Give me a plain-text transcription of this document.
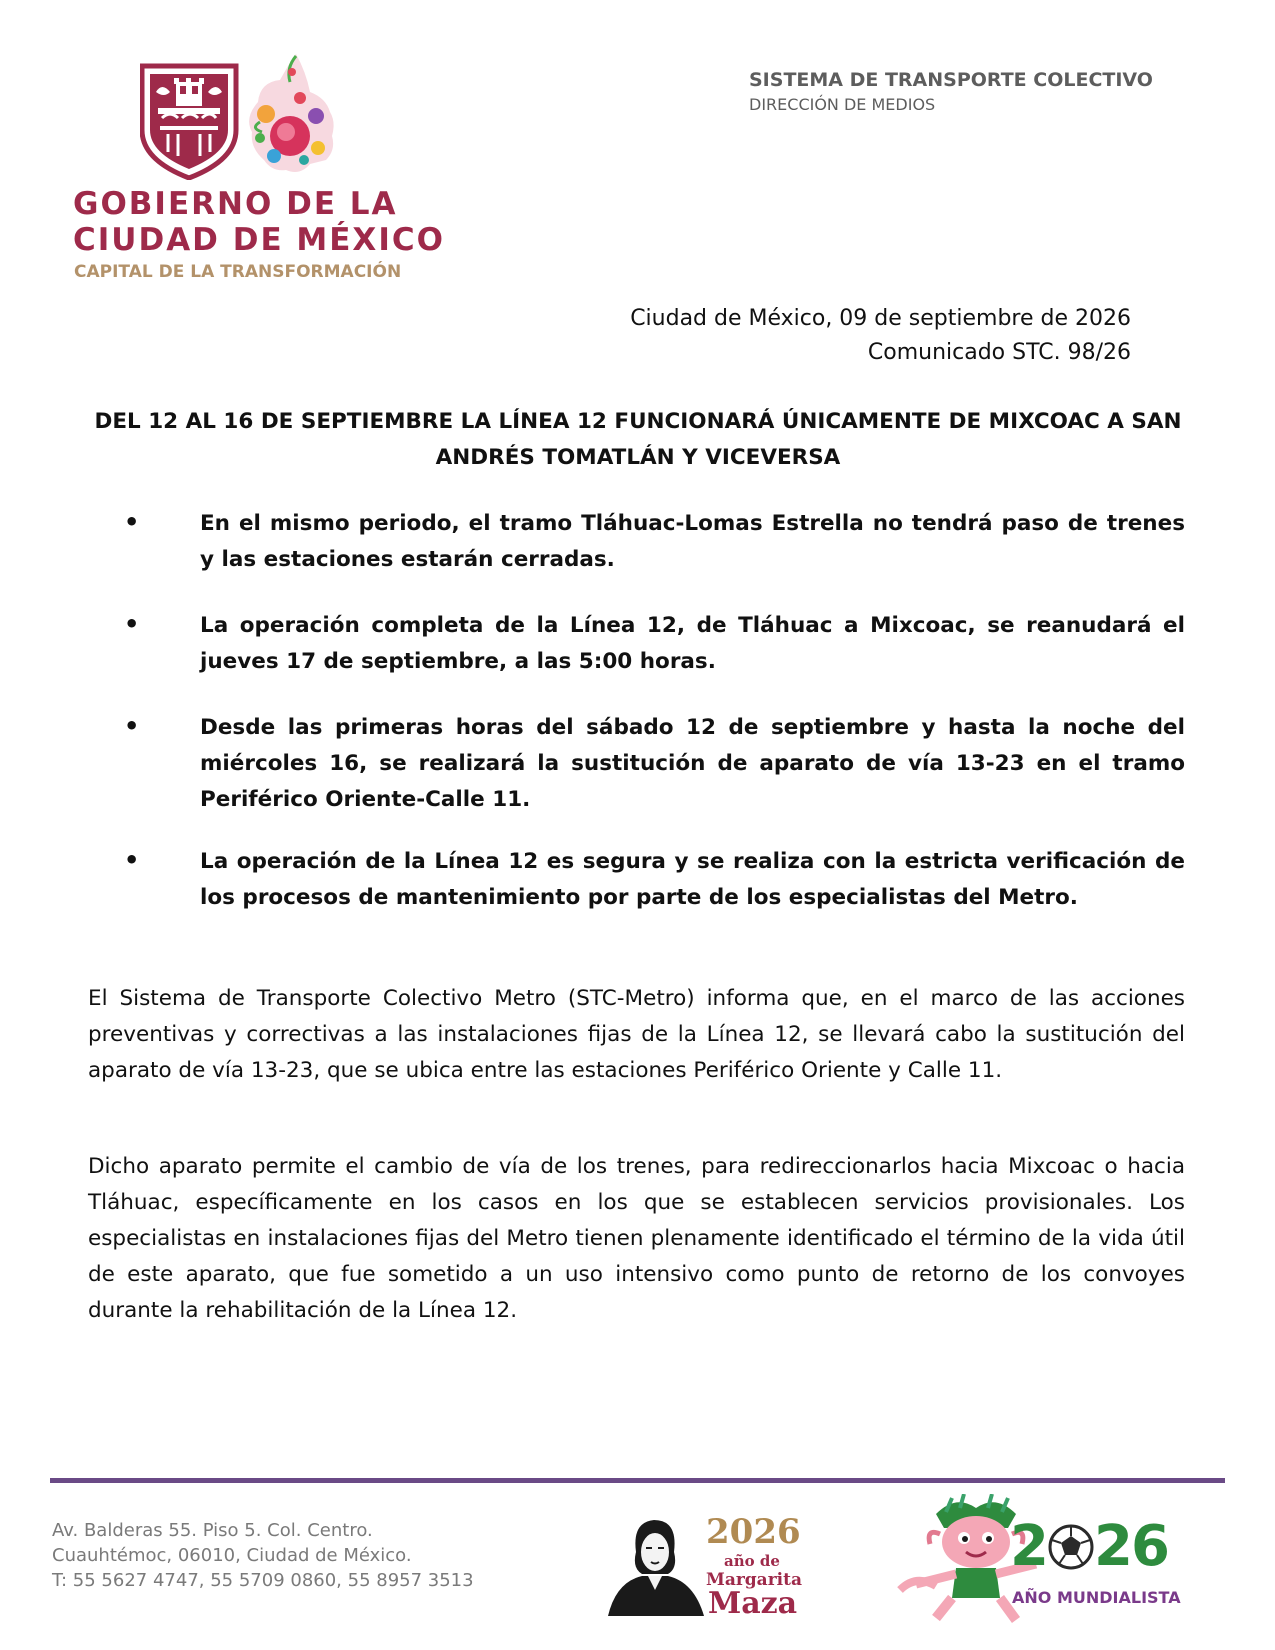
GOBIERNO DE LA
CIUDAD DE MÉXICO
CAPITAL DE LA TRANSFORMACIÓN
SISTEMA DE TRANSPORTE COLECTIVO
DIRECCIÓN DE MEDIOS
Ciudad de México, 09 de septiembre de 2026
Comunicado STC. 98/26
DEL 12 AL 16 DE SEPTIEMBRE LA LÍNEA 12 FUNCIONARÁ ÚNICAMENTE DE MIXCOAC A SAN
ANDRÉS TOMATLÁN Y VICEVERSA
•	En el mismo periodo, el tramo Tláhuac-Lomas Estrella no tendrá paso de trenes y las estaciones estarán cerradas.
•	La operación completa de la Línea 12, de Tláhuac a Mixcoac, se reanudará el jueves 17 de septiembre, a las 5:00 horas.
•	Desde las primeras horas del sábado 12 de septiembre y hasta la noche del miércoles 16, se realizará la sustitución de aparato de vía 13-23 en el tramo Periférico Oriente-Calle 11.
•	La operación de la Línea 12 es segura y se realiza con la estricta verificación de los procesos de mantenimiento por parte de los especialistas del Metro.
El Sistema de Transporte Colectivo Metro (STC-Metro) informa que, en el marco de las acciones preventivas y correctivas a las instalaciones fijas de la Línea 12, se llevará cabo la sustitución del aparato de vía 13-23, que se ubica entre las estaciones Periférico Oriente y Calle 11.
Dicho aparato permite el cambio de vía de los trenes, para redireccionarlos hacia Mixcoac o hacia Tláhuac, específicamente en los casos en los que se establecen servicios provisionales. Los especialistas en instalaciones fijas del Metro tienen plenamente identificado el término de la vida útil de este aparato, que fue sometido a un uso intensivo como punto de retorno de los convoyes durante la rehabilitación de la Línea 12.
Av. Balderas 55. Piso 5. Col. Centro.
Cuauhtémoc, 06010, Ciudad de México.
T: 55 5627 4747, 55 5709 0860, 55 8957 3513
2026
año de
Margarita
Maza
2 26
AÑO MUNDIALISTA
